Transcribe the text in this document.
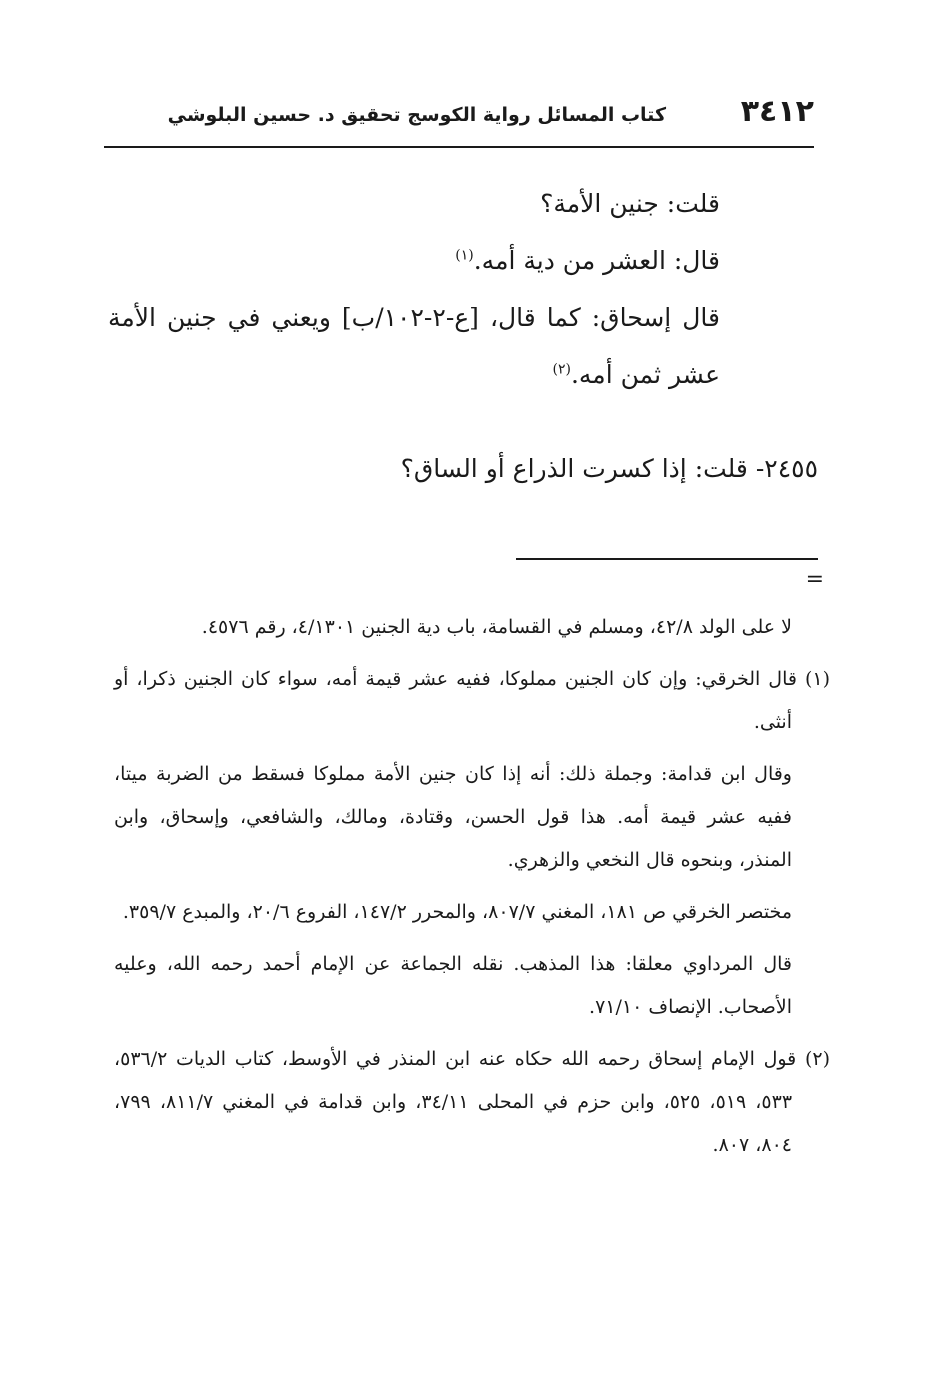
٣٤١٢
كتاب المسائل رواية الكوسج تحقيق د. حسين البلوشي

قلت: جنين الأمة؟

قال: العشر من دية أمه.$^{(١)}$

قال إسحاق: كما قال، [ع-٢-١٠٢/ب] ويعني في جنين الأمة عشر ثمن أمه.$^{(٢)}$

٢٤٥٥- قلت: إذا كسرت الذراع أو الساق؟

=

لا على الولد ٤٢/٨، ومسلم في القسامة، باب دية الجنين ٤/١٣٠١، رقم ٤٥٧٦.

(١) قال الخرقي: وإن كان الجنين مملوكا، ففيه عشر قيمة أمه، سواء كان الجنين ذكرا، أو أنثى.

وقال ابن قدامة: وجملة ذلك: أنه إذا كان جنين الأمة مملوكا فسقط من الضربة ميتا، ففيه عشر قيمة أمه. هذا قول الحسن، وقتادة، ومالك، والشافعي، وإسحاق، وابن المنذر، وبنحوه قال النخعي والزهري.

مختصر الخرقي ص ١٨١، المغني ٨٠٧/٧، والمحرر ١٤٧/٢، الفروع ٢٠/٦، والمبدع ٣٥٩/٧.

قال المرداوي معلقا: هذا المذهب. نقله الجماعة عن الإمام أحمد رحمه الله، وعليه الأصحاب. الإنصاف ٧١/١٠.

(٢) قول الإمام إسحاق رحمه الله حكاه عنه ابن المنذر في الأوسط، كتاب الديات ٥٣٦/٢، ٥٣٣، ٥١٩، ٥٢٥، وابن حزم في المحلى ٣٤/١١، وابن قدامة في المغني ٨١١/٧، ٧٩٩، ٨٠٤، ٨٠٧.
